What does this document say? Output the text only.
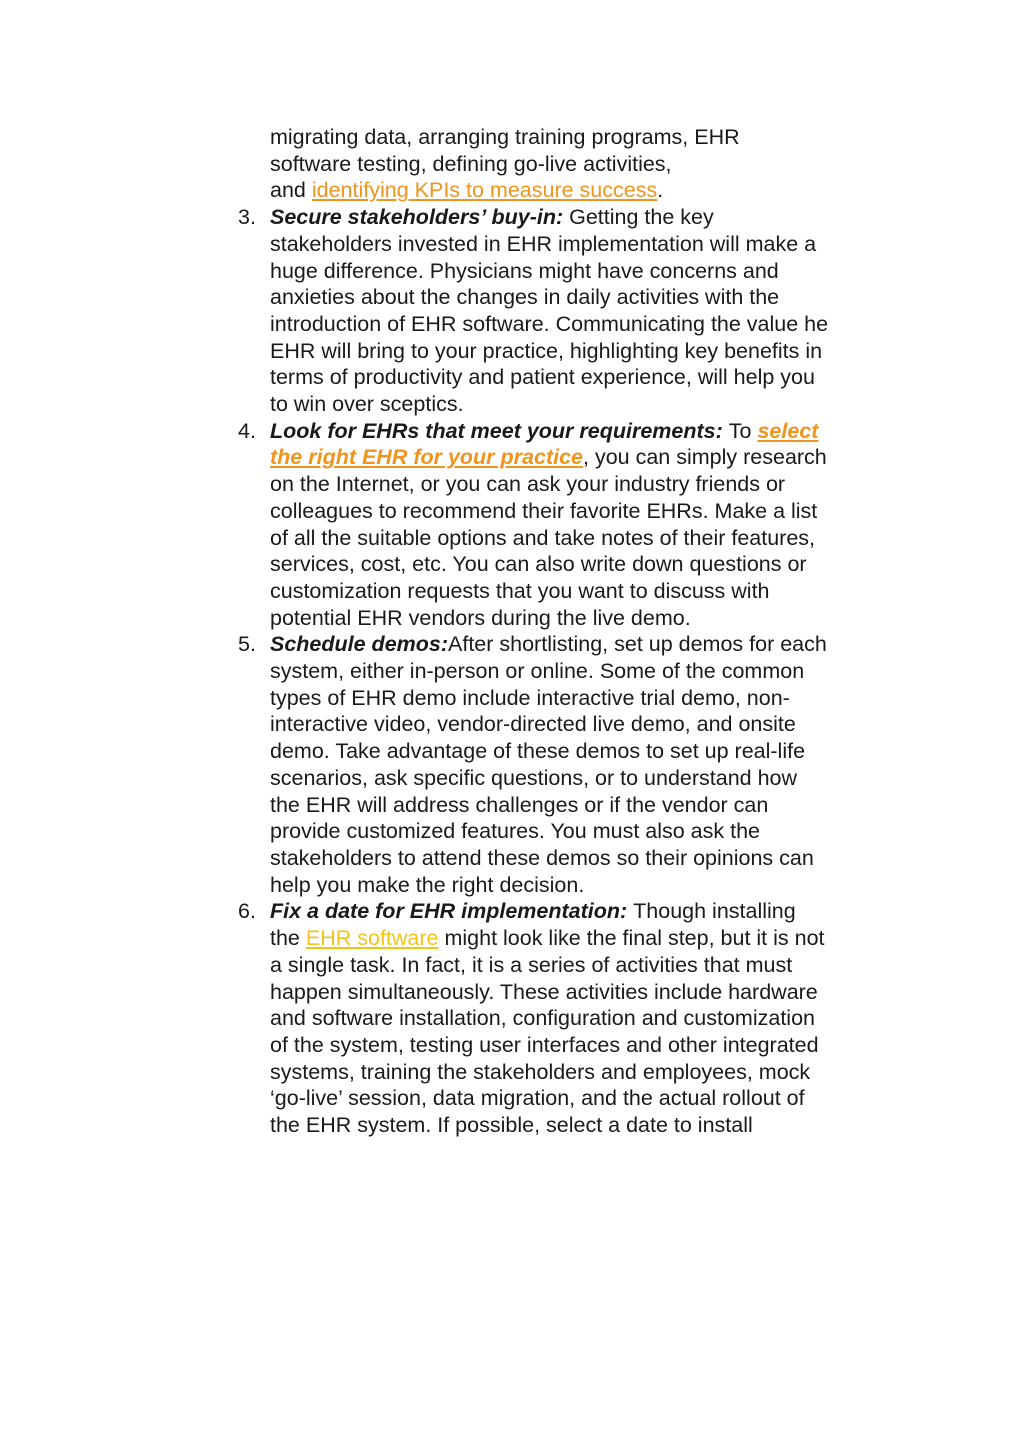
migrating data, arranging training programs, EHR
software testing, defining go-live activities,
and identifying KPIs to measure success.

3. Secure stakeholders’ buy-in: Getting the key stakeholders invested in EHR implementation will make a huge difference. Physicians might have concerns and anxieties about the changes in daily activities with the introduction of EHR software. Communicating the value he EHR will bring to your practice, highlighting key benefits in terms of productivity and patient experience, will help you to win over sceptics.
4. Look for EHRs that meet your requirements: To select the right EHR for your practice, you can simply research on the Internet, or you can ask your industry friends or colleagues to recommend their favorite EHRs. Make a list of all the suitable options and take notes of their features, services, cost, etc. You can also write down questions or customization requests that you want to discuss with potential EHR vendors during the live demo.
5. Schedule demos:After shortlisting, set up demos for each system, either in-person or online. Some of the common types of EHR demo include interactive trial demo, non-interactive video, vendor-directed live demo, and onsite demo. Take advantage of these demos to set up real-life scenarios, ask specific questions, or to understand how the EHR will address challenges or if the vendor can provide customized features. You must also ask the stakeholders to attend these demos so their opinions can help you make the right decision.
6. Fix a date for EHR implementation: Though installing the EHR software might look like the final step, but it is not a single task. In fact, it is a series of activities that must happen simultaneously. These activities include hardware and software installation, configuration and customization of the system, testing user interfaces and other integrated systems, training the stakeholders and employees, mock ‘go-live’ session, data migration, and the actual rollout of the EHR system. If possible, select a date to install
